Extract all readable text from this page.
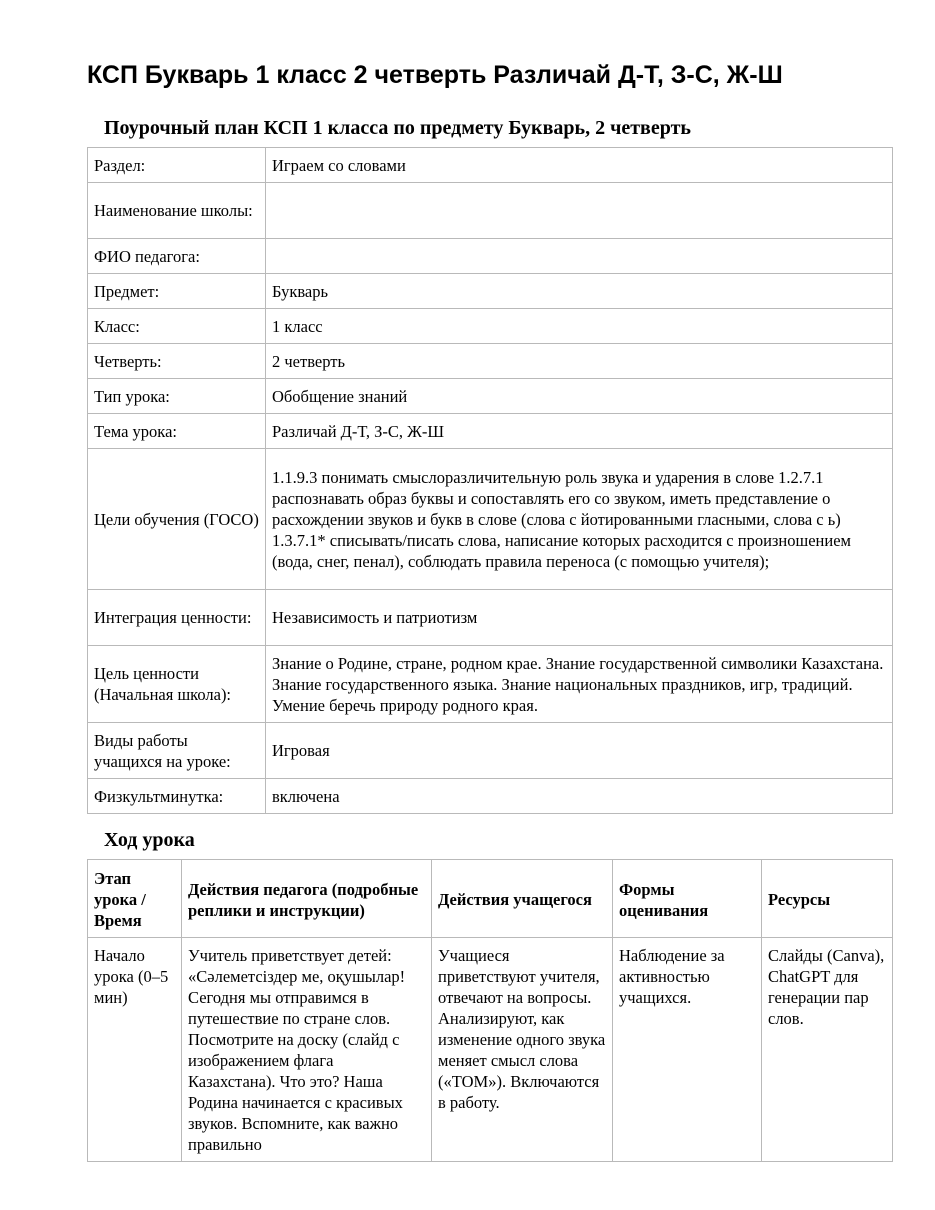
КСП Букварь 1 класс 2 четверть Различай Д-Т, З-С, Ж-Ш
Поурочный план КСП 1 класса по предмету Букварь, 2 четверть
Раздел:	Играем со словами
Наименование школы:	
ФИО педагога:	
Предмет:	Букварь
Класс:	1 класс
Четверть:	2 четверть
Тип урока:	Обобщение знаний
Тема урока:	Различай Д-Т, З-С, Ж-Ш
Цели обучения (ГОСО)	1.1.9.3 понимать смыслоразличительную роль звука и ударения в слове 1.2.7.1 распознавать образ буквы и сопоставлять его со звуком, иметь представление о расхождении звуков и букв в слове (слова с йотированными гласными, слова с ь) 1.3.7.1* списывать/писать слова, написание которых расходится с произношением (вода, снег, пенал), соблюдать правила переноса (с помощью учителя);
Интеграция ценности:	Независимость и патриотизм
Цель ценности (Начальная школа):	Знание о Родине, стране, родном крае. Знание государственной символики Казахстана. Знание государственного языка. Знание национальных праздников, игр, традиций. Умение беречь природу родного края.
Виды работы учащихся на уроке:	Игровая
Физкультминутка:	включена
Ход урока
Этап урока / Время	Действия педагога (подробные реплики и инструкции)	Действия учащегося	Формы оценивания	Ресурсы
Начало урока (0–5 мин)	Учитель приветствует детей: «Сәлеметсіздер ме, оқушылар! Сегодня мы отправимся в путешествие по стране слов. Посмотрите на доску (слайд с изображением флага Казахстана). Что это? Наша Родина начинается с красивых звуков. Вспомните, как важно правильно	Учащиеся приветствуют учителя, отвечают на вопросы. Анализируют, как изменение одного звука меняет смысл слова («ТОМ»). Включаются в работу.	Наблюдение за активностью учащихся.	Слайды (Canva), ChatGPT для генерации пар слов.
